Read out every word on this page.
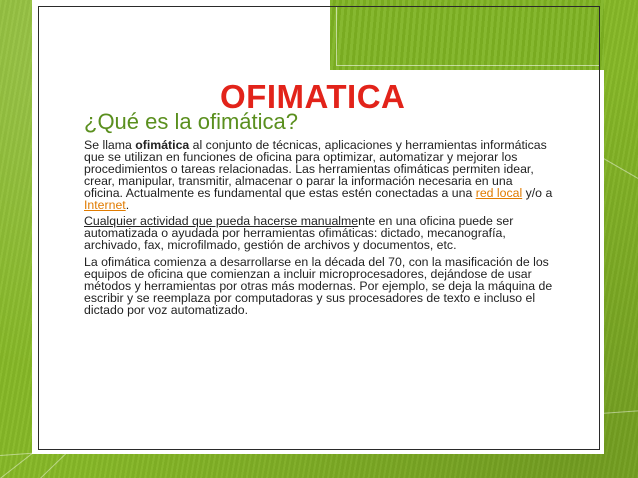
OFIMATICA
¿Qué es la ofimática?

Se llama ofimática al conjunto de técnicas, aplicaciones y herramientas informáticas que se utilizan en funciones de oficina para optimizar, automatizar y mejorar los procedimientos o tareas relacionadas. Las herramientas ofimáticas permiten idear, crear, manipular, transmitir, almacenar o parar la información necesaria en una oficina. Actualmente es fundamental que estas estén conectadas a una red local y/o a Internet.

Cualquier actividad que pueda hacerse manualmente en una oficina puede ser automatizada o ayudada por herramientas ofimáticas: dictado, mecanografía, archivado, fax, microfilmado, gestión de archivos y documentos, etc.

La ofimática comienza a desarrollarse en la década del 70, con la masificación de los equipos de oficina que comienzan a incluir microprocesadores, dejándose de usar métodos y herramientas por otras más modernas. Por ejemplo, se deja la máquina de escribir y se reemplaza por computadoras y sus procesadores de texto e incluso el dictado por voz automatizado.
